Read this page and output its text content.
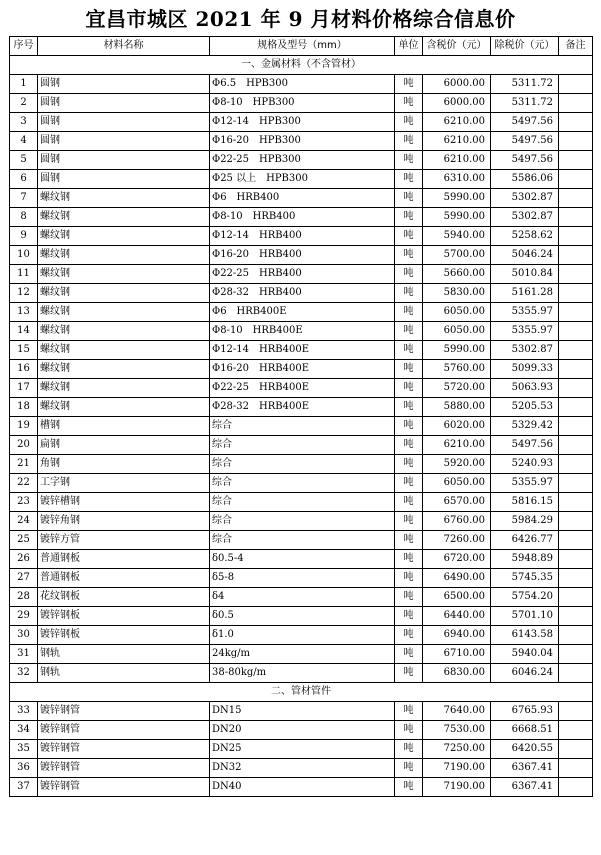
宜昌市城区 2021 年 9 月材料价格综合信息价
序号	材料名称	规格及型号（mm）	单位	含税价（元）	除税价（元）	备注
一、金属材料（不含管材）						
1	圆钢	Φ6.5　HPB300	吨	6000.00	5311.72	
2	圆钢	Φ8-10　HPB300	吨	6000.00	5311.72	
3	圆钢	Φ12-14　HPB300	吨	6210.00	5497.56	
4	圆钢	Φ16-20　HPB300	吨	6210.00	5497.56	
5	圆钢	Φ22-25　HPB300	吨	6210.00	5497.56	
6	圆钢	Φ25 以上　HPB300	吨	6310.00	5586.06	
7	螺纹钢	Φ6　HRB400	吨	5990.00	5302.87	
8	螺纹钢	Φ8-10　HRB400	吨	5990.00	5302.87	
9	螺纹钢	Φ12-14　HRB400	吨	5940.00	5258.62	
10	螺纹钢	Φ16-20　HRB400	吨	5700.00	5046.24	
11	螺纹钢	Φ22-25　HRB400	吨	5660.00	5010.84	
12	螺纹钢	Φ28-32　HRB400	吨	5830.00	5161.28	
13	螺纹钢	Φ6　HRB400E	吨	6050.00	5355.97	
14	螺纹钢	Φ8-10　HRB400E	吨	6050.00	5355.97	
15	螺纹钢	Φ12-14　HRB400E	吨	5990.00	5302.87	
16	螺纹钢	Φ16-20　HRB400E	吨	5760.00	5099.33	
17	螺纹钢	Φ22-25　HRB400E	吨	5720.00	5063.93	
18	螺纹钢	Φ28-32　HRB400E	吨	5880.00	5205.53	
19	槽钢	综合	吨	6020.00	5329.42	
20	扁钢	综合	吨	6210.00	5497.56	
21	角钢	综合	吨	5920.00	5240.93	
22	工字钢	综合	吨	6050.00	5355.97	
23	镀锌槽钢	综合	吨	6570.00	5816.15	
24	镀锌角钢	综合	吨	6760.00	5984.29	
25	镀锌方管	综合	吨	7260.00	6426.77	
26	普通钢板	δ0.5-4	吨	6720.00	5948.89	
27	普通钢板	δ5-8	吨	6490.00	5745.35	
28	花纹钢板	δ4	吨	6500.00	5754.20	
29	镀锌钢板	δ0.5	吨	6440.00	5701.10	
30	镀锌钢板	δ1.0	吨	6940.00	6143.58	
31	钢轨	24kg/m	吨	6710.00	5940.04	
32	钢轨	38-80kg/m	吨	6830.00	6046.24	
二、管材管件						
33	镀锌钢管	DN15	吨	7640.00	6765.93	
34	镀锌钢管	DN20	吨	7530.00	6668.51	
35	镀锌钢管	DN25	吨	7250.00	6420.55	
36	镀锌钢管	DN32	吨	7190.00	6367.41	
37	镀锌钢管	DN40	吨	7190.00	6367.41	
